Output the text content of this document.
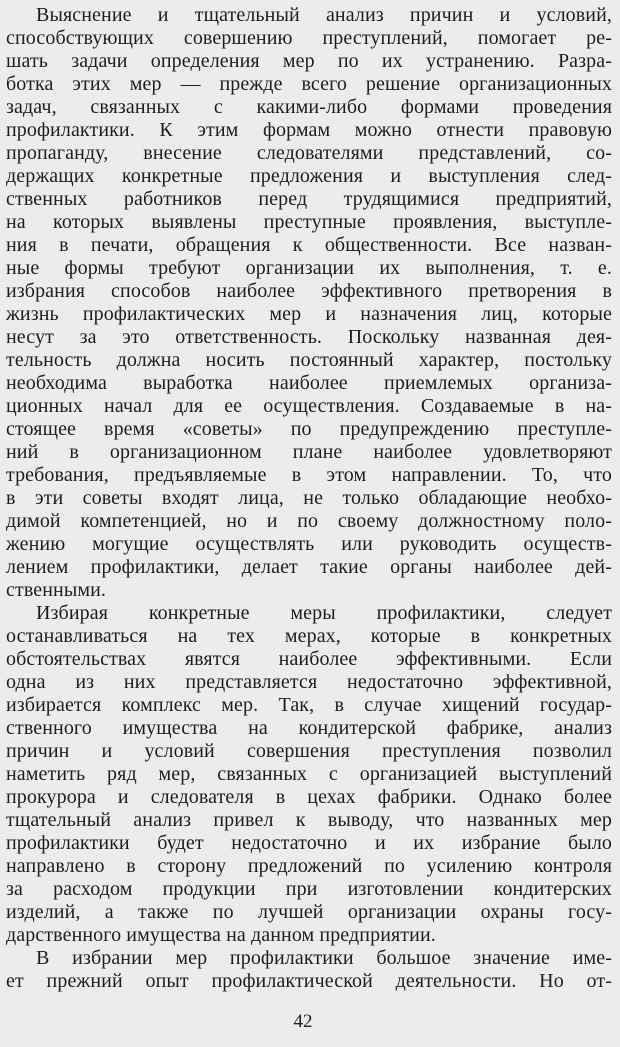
Выяснение и тщательный анализ причин и условий,
способствующих совершению преступлений, помогает ре-
шать задачи определения мер по их устранению. Разра-
ботка этих мер — прежде всего решение организационных
задач, связанных с какими-либо формами проведения
профилактики. К этим формам можно отнести правовую
пропаганду, внесение следователями представлений, со-
держащих конкретные предложения и выступления след-
ственных работников перед трудящимися предприятий,
на которых выявлены преступные проявления, выступле-
ния в печати, обращения к общественности. Все назван-
ные формы требуют организации их выполнения, т. е.
избрания способов наиболее эффективного претворения в
жизнь профилактических мер и назначения лиц, которые
несут за это ответственность. Поскольку названная дея-
тельность должна носить постоянный характер, постольку
необходима выработка наиболее приемлемых организа-
ционных начал для ее осуществления. Создаваемые в на-
стоящее время «советы» по предупреждению преступле-
ний в организационном плане наиболее удовлетворяют
требования, предъявляемые в этом направлении. То, что
в эти советы входят лица, не только обладающие необхо-
димой компетенцией, но и по своему должностному поло-
жению могущие осуществлять или руководить осуществ-
лением профилактики, делает такие органы наиболее дей-
ственными.
Избирая конкретные меры профилактики, следует
останавливаться на тех мерах, которые в конкретных
обстоятельствах явятся наиболее эффективными. Если
одна из них представляется недостаточно эффективной,
избирается комплекс мер. Так, в случае хищений государ-
ственного имущества на кондитерской фабрике, анализ
причин и условий совершения преступления позволил
наметить ряд мер, связанных с организацией выступлений
прокурора и следователя в цехах фабрики. Однако более
тщательный анализ привел к выводу, что названных мер
профилактики будет недостаточно и их избрание было
направлено в сторону предложений по усилению контроля
за расходом продукции при изготовлении кондитерских
изделий, а также по лучшей организации охраны госу-
дарственного имущества на данном предприятии.
В избрании мер профилактики большое значение име-
ет прежний опыт профилактической деятельности. Но от-
42
